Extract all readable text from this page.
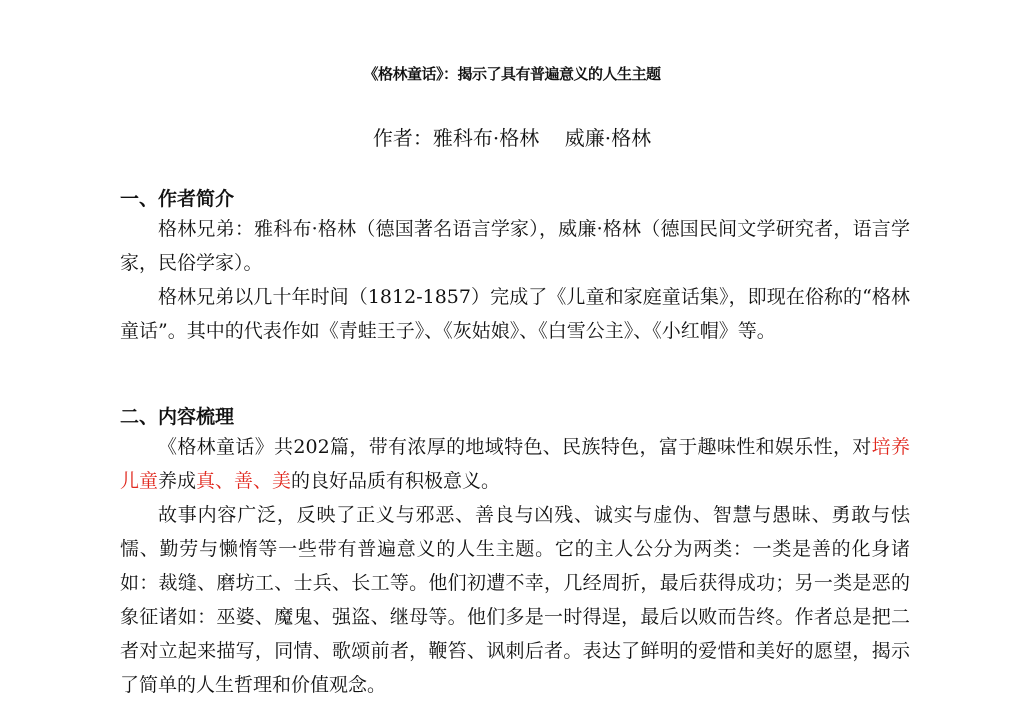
《格林童话》：揭示了具有普遍意义的人生主题
作者：雅科布·格林    威廉·格林
一、作者简介

格林兄弟：雅科布·格林（德国著名语言学家），威廉·格林（德国民间文学研究者，语言学家，民俗学家）。

格林兄弟以几十年时间（1812-1857）完成了《儿童和家庭童话集》，即现在俗称的“格林童话”。其中的代表作如《青蛙王子》、《灰姑娘》、《白雪公主》、《小红帽》等。

二、内容梳理

《格林童话》共202篇，带有浓厚的地域特色、民族特色，富于趣味性和娱乐性，对培养儿童养成真、善、美的良好品质有积极意义。

故事内容广泛，反映了正义与邪恶、善良与凶残、诚实与虚伪、智慧与愚昧、勇敢与怯懦、勤劳与懒惰等一些带有普遍意义的人生主题。它的主人公分为两类：一类是善的化身诸如：裁缝、磨坊工、士兵、长工等。他们初遭不幸，几经周折，最后获得成功；另一类是恶的象征诸如：巫婆、魔鬼、强盗、继母等。他们多是一时得逞，最后以败而告终。作者总是把二者对立起来描写，同情、歌颂前者，鞭笞、讽刺后者。表达了鲜明的爱惜和美好的愿望，揭示了简单的人生哲理和价值观念。
